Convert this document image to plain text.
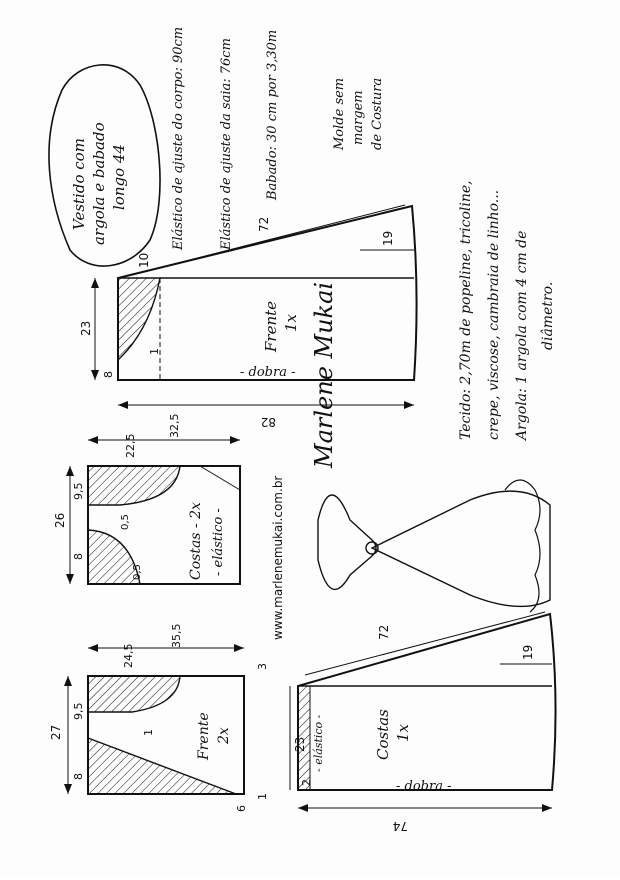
Vestido com argola e babado longo 44	Elástico de ajuste do corpo: 90cm	Elástico de ajuste da saia: 76cm Babado: 30 cm por 3,30m	Molde sem margem de Costura
Tecido: 2,70m de popeline, tricoline, crepe, viscose, cambraia de linho... Argola: 1 argola com 4 cm de diâmetro.
Frente 1x
- dobra -
10
72
19
23
8
82
1
Costas - 2x - elástico -
26
9,5
8
32,5
22,5
0,5
0,5
Frente 2x
27
9,5
8
35,5
24,5	3
6
1
1	Costas 1x
- elástico -
- dobra -
72
19
23
2
74
www.marlenemukai.com.br
Marlene Mukai
